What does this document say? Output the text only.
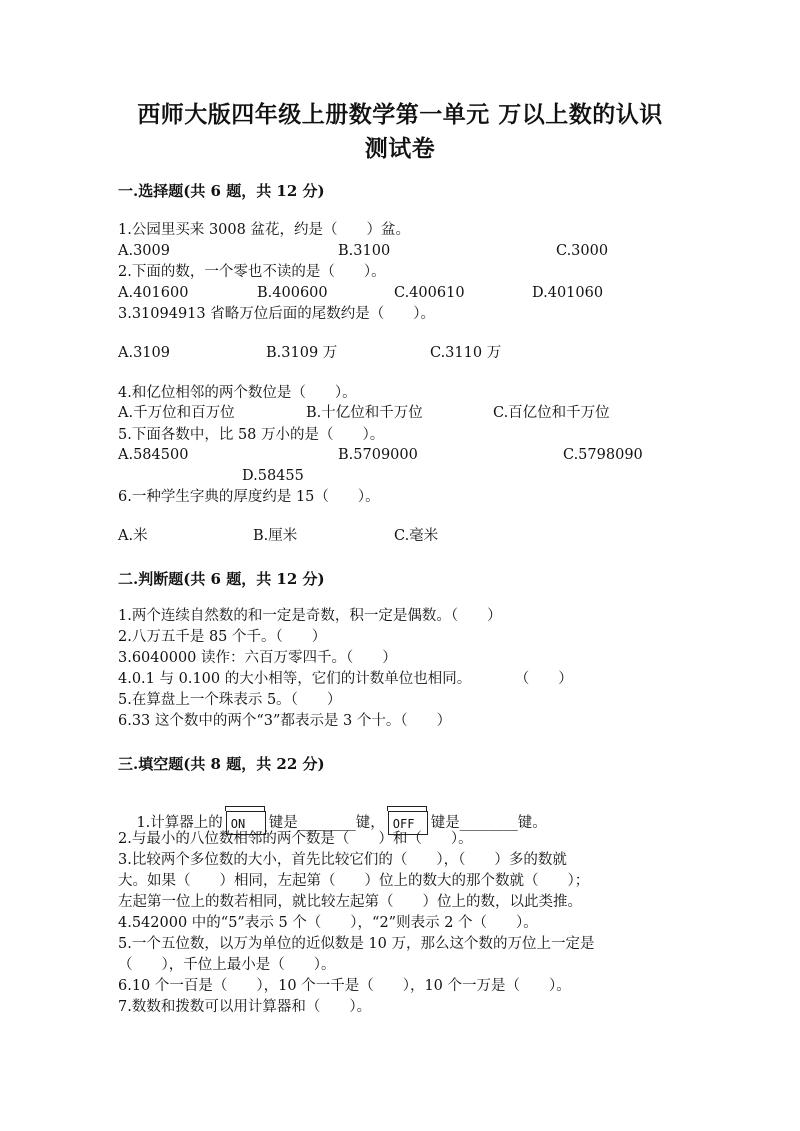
西师大版四年级上册数学第一单元 万以上数的认识
测试卷
一.选择题(共 6 题，共 12 分)
1.公园里买来 3008 盆花，约是（　　）盆。
A.3009	B.3100	C.3000
2.下面的数，一个零也不读的是（　　）。
A.401600	B.400600	C.400610	D.401060
3.31094913 省略万位后面的尾数约是（　　）。
A.3109	B.3109 万	C.3110 万
4.和亿位相邻的两个数位是（　　）。
A.千万位和百万位	B.十亿位和千万位	C.百亿位和千万位
5.下面各数中，比 58 万小的是（　　）。
A.584500	B.5709000	C.5798090
D.58455
6.一种学生字典的厚度约是 15（　　）。
A.米	B.厘米	C.毫米
二.判断题(共 6 题，共 12 分)
1.两个连续自然数的和一定是奇数，积一定是偶数。（　　）
2.八万五千是 85 个千。（　　）
3.6040000 读作：六百万零四千。（　　）
4.0.1 与 0.100 的大小相等，它们的计数单位也相同。　　　　（　　）
5.在算盘上一个珠表示 5。（　　）
6.33 这个数中的两个“3”都表示是 3 个十。（　　）
三.填空题(共 8 题，共 22 分)

1.计算器上的 ON 键是________键， OFF 键是________键。

2.与最小的八位数相邻的两个数是（　　）和（　　）。
3.比较两个多位数的大小，首先比较它们的（　　），（　　）多的数就
大。如果（　　）相同，左起第（　　）位上的数大的那个数就（　　）；
左起第一位上的数若相同，就比较左起第（　　）位上的数，以此类推。
4.542000 中的“5”表示 5 个（　　），“2”则表示 2 个（　　）。
5.一个五位数，以万为单位的近似数是 10 万，那么这个数的万位上一定是
（　　），千位上最小是（　　）。
6.10 个一百是（　　），10 个一千是（　　），10 个一万是（　　）。
7.数数和拨数可以用计算器和（　　）。
